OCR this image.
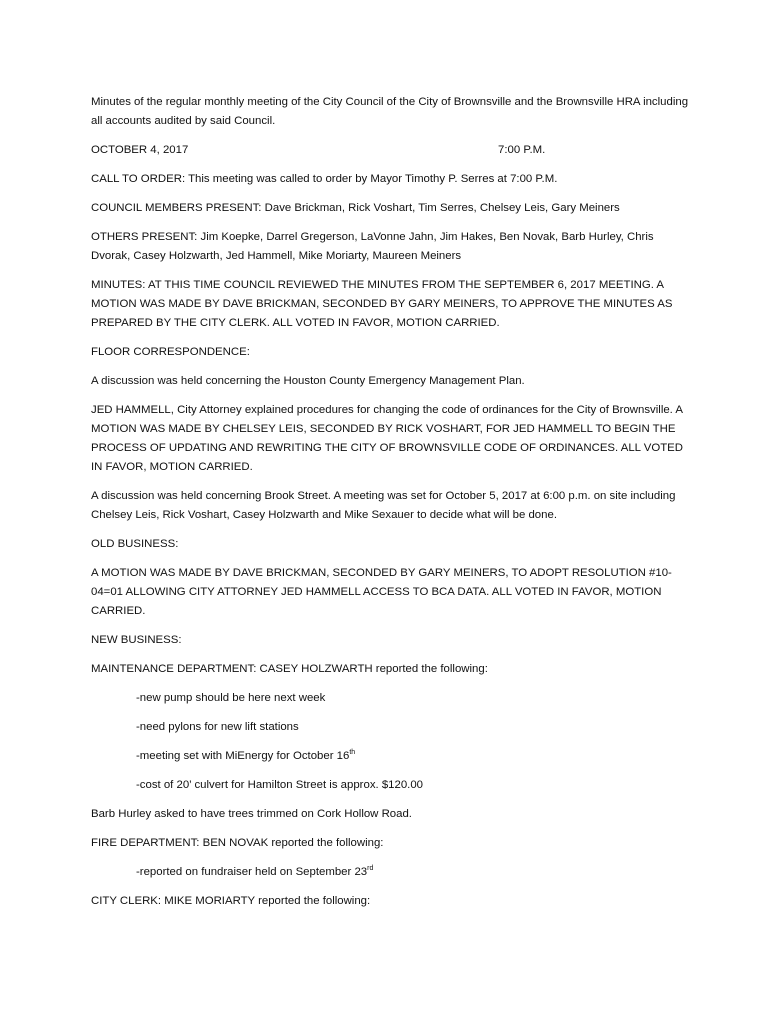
Minutes of the regular monthly meeting of the City Council of the City of Brownsville and the Brownsville HRA including all accounts audited by said Council.

OCTOBER 4, 2017	7:00 P.M.

CALL TO ORDER: This meeting was called to order by Mayor Timothy P. Serres at 7:00 P.M.

COUNCIL MEMBERS PRESENT: Dave Brickman, Rick Voshart, Tim Serres, Chelsey Leis, Gary Meiners

OTHERS PRESENT: Jim Koepke, Darrel Gregerson, LaVonne Jahn, Jim Hakes, Ben Novak, Barb Hurley, Chris Dvorak, Casey Holzwarth, Jed Hammell, Mike Moriarty, Maureen Meiners

MINUTES: AT THIS TIME COUNCIL REVIEWED THE MINUTES FROM THE SEPTEMBER 6, 2017 MEETING. A MOTION WAS MADE BY DAVE BRICKMAN, SECONDED BY GARY MEINERS, TO APPROVE THE MINUTES AS PREPARED BY THE CITY CLERK. ALL VOTED IN FAVOR, MOTION CARRIED.

FLOOR CORRESPONDENCE:

A discussion was held concerning the Houston County Emergency Management Plan.

JED HAMMELL, City Attorney explained procedures for changing the code of ordinances for the City of Brownsville. A MOTION WAS MADE BY CHELSEY LEIS, SECONDED BY RICK VOSHART, FOR JED HAMMELL TO BEGIN THE PROCESS OF UPDATING AND REWRITING THE CITY OF BROWNSVILLE CODE OF ORDINANCES. ALL VOTED IN FAVOR, MOTION CARRIED.

A discussion was held concerning Brook Street. A meeting was set for October 5, 2017 at 6:00 p.m. on site including Chelsey Leis, Rick Voshart, Casey Holzwarth and Mike Sexauer to decide what will be done.

OLD BUSINESS:

A MOTION WAS MADE BY DAVE BRICKMAN, SECONDED BY GARY MEINERS, TO ADOPT RESOLUTION #10-04=01 ALLOWING CITY ATTORNEY JED HAMMELL ACCESS TO BCA DATA. ALL VOTED IN FAVOR, MOTION CARRIED.

NEW BUSINESS:

MAINTENANCE DEPARTMENT: CASEY HOLZWARTH reported the following:

-new pump should be here next week

-need pylons for new lift stations

-meeting set with MiEnergy for October 16th

-cost of 20’ culvert for Hamilton Street is approx. $120.00

Barb Hurley asked to have trees trimmed on Cork Hollow Road.

FIRE DEPARTMENT: BEN NOVAK reported the following:

-reported on fundraiser held on September 23rd

CITY CLERK: MIKE MORIARTY reported the following:
